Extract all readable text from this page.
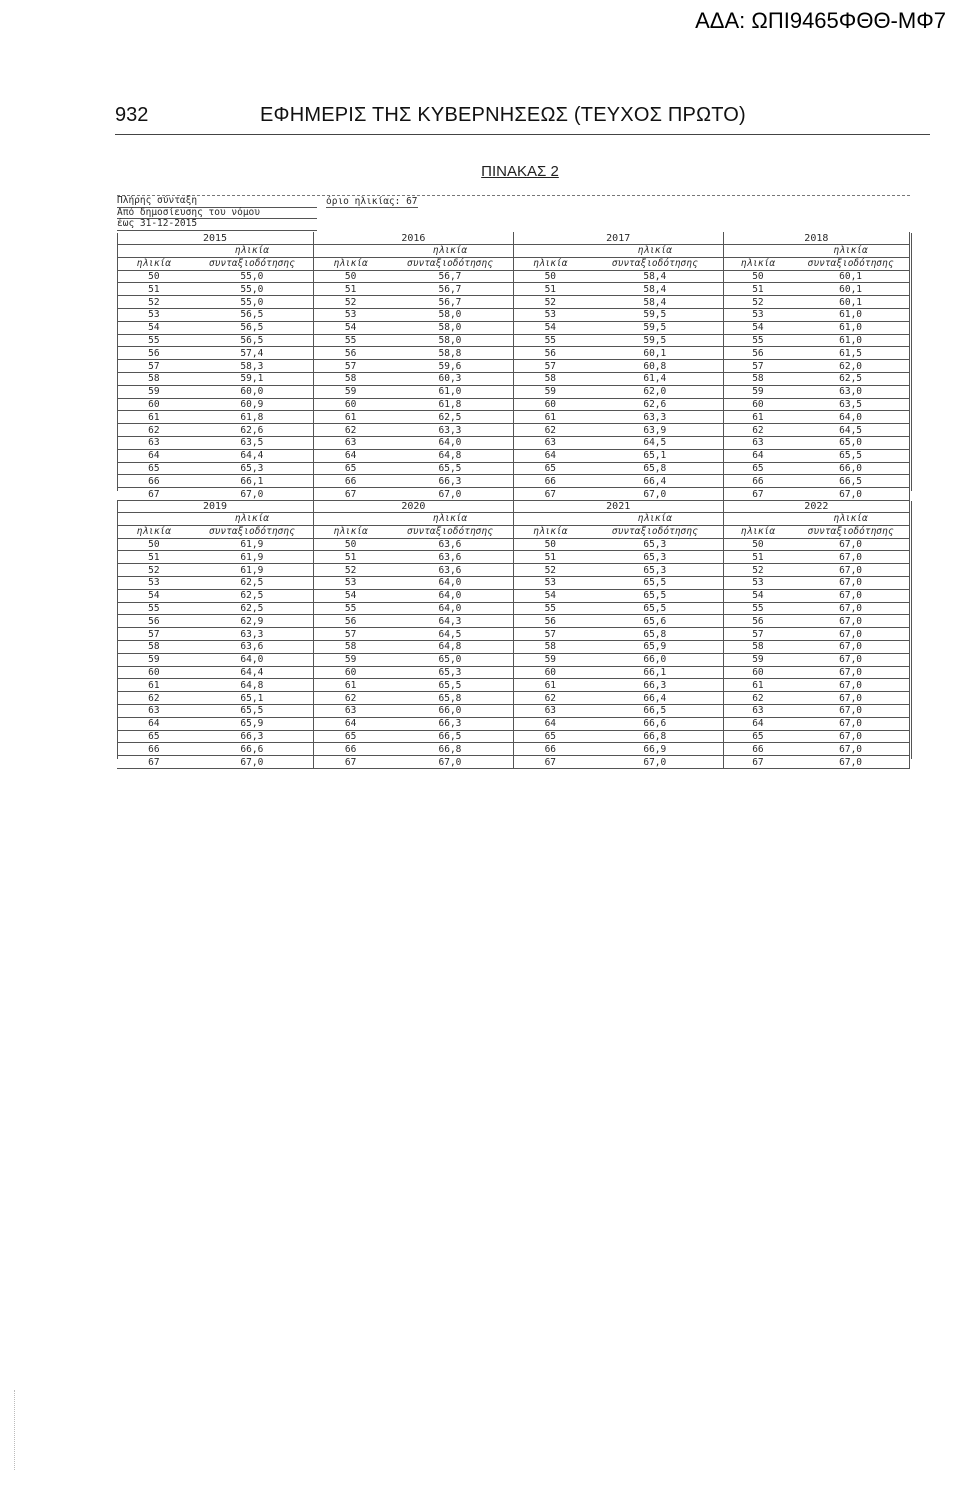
ΑΔΑ: ΩΠΙ9465ΦΘΘ-ΜΦ7
932	ΕΦΗΜΕΡΙΣ ΤΗΣ ΚΥΒΕΡΝΗΣΕΩΣ (ΤΕΥΧΟΣ ΠΡΩΤΟ)
ΠΙΝΑΚΑΣ 2
Πλήρης σύνταξη
Από δημοσίευσης του νόμου
έως 31-12-2015
όριο ηλικίας: 67
2015		2016		2017		2018	
	ηλικία		ηλικία		ηλικία		ηλικία
ηλικία	συνταξιοδότησης	ηλικία	συνταξιοδότησης	ηλικία	συνταξιοδότησης	ηλικία	συνταξιοδότησης
50	55,0	50	56,7	50	58,4	50	60,1
51	55,0	51	56,7	51	58,4	51	60,1
52	55,0	52	56,7	52	58,4	52	60,1
53	56,5	53	58,0	53	59,5	53	61,0
54	56,5	54	58,0	54	59,5	54	61,0
55	56,5	55	58,0	55	59,5	55	61,0
56	57,4	56	58,8	56	60,1	56	61,5
57	58,3	57	59,6	57	60,8	57	62,0
58	59,1	58	60,3	58	61,4	58	62,5
59	60,0	59	61,0	59	62,0	59	63,0
60	60,9	60	61,8	60	62,6	60	63,5
61	61,8	61	62,5	61	63,3	61	64,0
62	62,6	62	63,3	62	63,9	62	64,5
63	63,5	63	64,0	63	64,5	63	65,0
64	64,4	64	64,8	64	65,1	64	65,5
65	65,3	65	65,5	65	65,8	65	66,0
66	66,1	66	66,3	66	66,4	66	66,5
67	67,0	67	67,0	67	67,0	67	67,0
2019		2020		2021		2022	
	ηλικία		ηλικία		ηλικία		ηλικία
ηλικία	συνταξιοδότησης	ηλικία	συνταξιοδότησης	ηλικία	συνταξιοδότησης	ηλικία	συνταξιοδότησης
50	61,9	50	63,6	50	65,3	50	67,0
51	61,9	51	63,6	51	65,3	51	67,0
52	61,9	52	63,6	52	65,3	52	67,0
53	62,5	53	64,0	53	65,5	53	67,0
54	62,5	54	64,0	54	65,5	54	67,0
55	62,5	55	64,0	55	65,5	55	67,0
56	62,9	56	64,3	56	65,6	56	67,0
57	63,3	57	64,5	57	65,8	57	67,0
58	63,6	58	64,8	58	65,9	58	67,0
59	64,0	59	65,0	59	66,0	59	67,0
60	64,4	60	65,3	60	66,1	60	67,0
61	64,8	61	65,5	61	66,3	61	67,0
62	65,1	62	65,8	62	66,4	62	67,0
63	65,5	63	66,0	63	66,5	63	67,0
64	65,9	64	66,3	64	66,6	64	67,0
65	66,3	65	66,5	65	66,8	65	67,0
66	66,6	66	66,8	66	66,9	66	67,0
67	67,0	67	67,0	67	67,0	67	67,0
